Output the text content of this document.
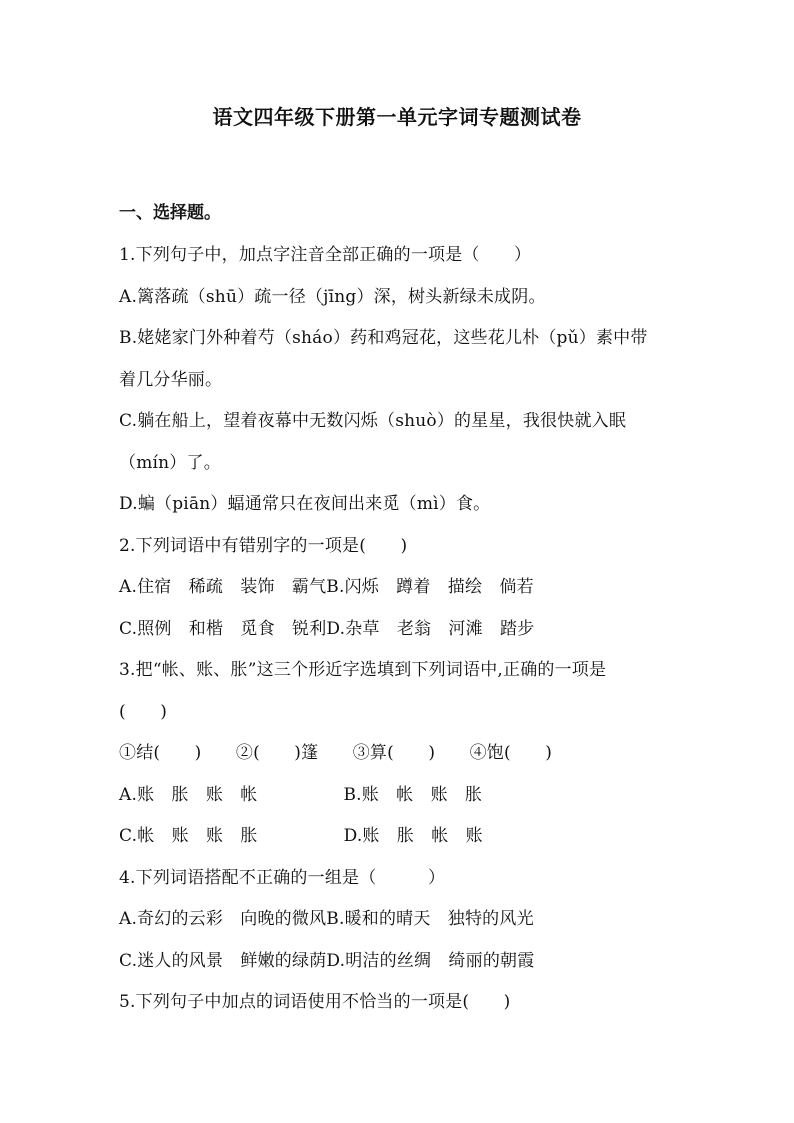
语文四年级下册第一单元字词专题测试卷
一、选择题。
1.下列句子中，加点字注音全部正确的一项是（　　）
A.篱落疏（shū）疏一径（jīng）深，树头新绿未成阴。
B.姥姥家门外种着芍（sháo）药和鸡冠花，这些花儿朴（pǔ）素中带
着几分华丽。
C.躺在船上，望着夜幕中无数闪烁（shuò）的星星，我很快就入眠
（mín）了。
D.蝙（piān）蝠通常只在夜间出来觅（mì）食。
2.下列词语中有错别字的一项是(　　)
A.住宿　稀疏　装饰　霸气B.闪烁　蹲着　描绘　倘若
C.照例　和楷　觅食　锐利D.杂草　老翁　河滩　踏步
3.把“帐、账、胀”这三个形近字选填到下列词语中,正确的一项是
(　　)
①结(　　)　　②(　　)篷　　③算(　　)　　④饱(　　)
A.账　胀　账　帐　　　　　B.账　帐　账　胀
C.帐　账　账　胀　　　　　D.账　胀　帐　账
4.下列词语搭配不正确的一组是（　　　）
A.奇幻的云彩　向晚的微风B.暖和的晴天　独特的风光
C.迷人的风景　鲜嫩的绿荫D.明洁的丝绸　绮丽的朝霞
5.下列句子中加点的词语使用不恰当的一项是(　　)
